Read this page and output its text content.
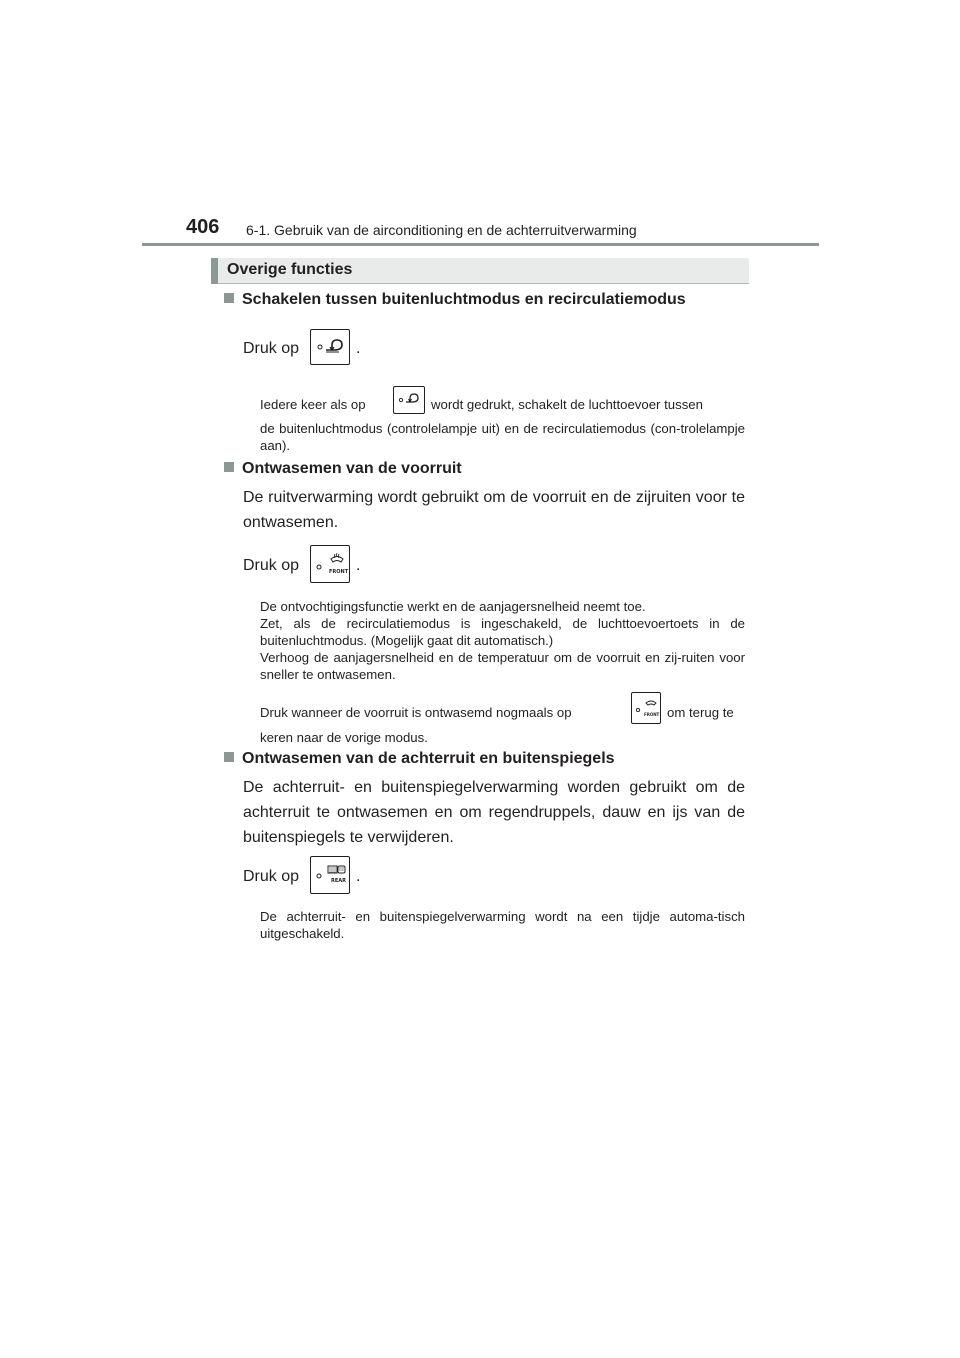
406 6-1. Gebruik van de airconditioning en de achterruitverwarming
Overige functies
Schakelen tussen buitenluchtmodus en recirculatiemodus
Druk op	.
Iedere keer als op	wordt gedrukt, schakelt de luchttoevoer tussen
de buitenluchtmodus (controlelampje uit) en de recirculatiemodus (con-trolelampje aan).
Ontwasemen van de voorruit
De ruitverwarming wordt gebruikt om de voorruit en de zijruiten voor te ontwasemen.
Druk op	FRONT .
De ontvochtigingsfunctie werkt en de aanjagersnelheid neemt toe.
Zet, als de recirculatiemodus is ingeschakeld, de luchttoevoertoets in de buitenluchtmodus. (Mogelijk gaat dit automatisch.)
Verhoog de aanjagersnelheid en de temperatuur om de voorruit en zij-ruiten voor sneller te ontwasemen.
Druk wanneer de voorruit is ontwasemd nogmaals op	FRONT om terug te
keren naar de vorige modus.
Ontwasemen van de achterruit en buitenspiegels
De achterruit- en buitenspiegelverwarming worden gebruikt om de achterruit te ontwasemen en om regendruppels, dauw en ijs van de buitenspiegels te verwijderen.
Druk op	REAR .
De achterruit- en buitenspiegelverwarming wordt na een tijdje automa-tisch uitgeschakeld.
